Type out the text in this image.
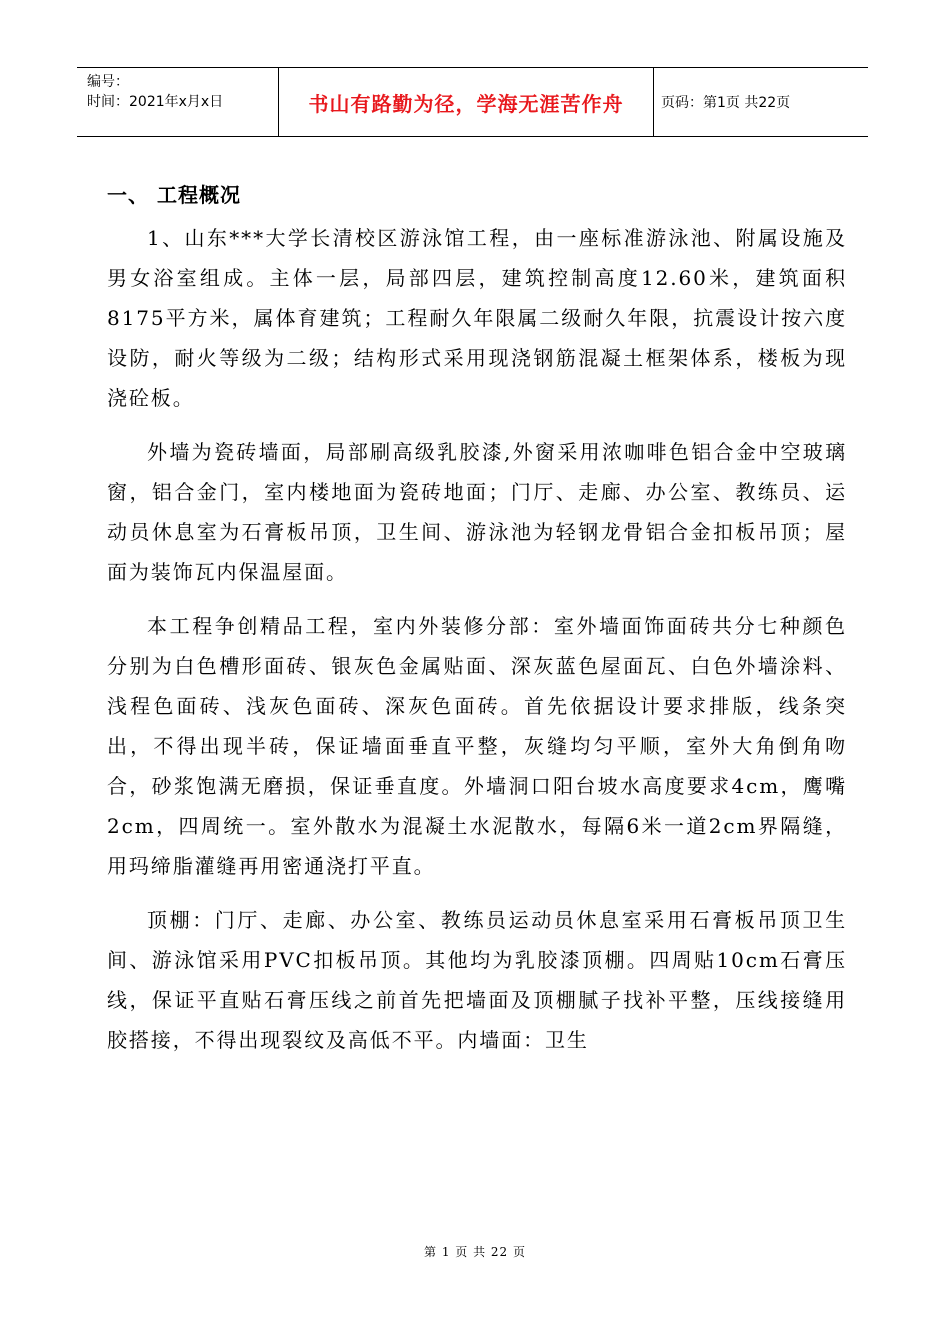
编号：
时间：2021年x月x日	书山有路勤为径，学海无涯苦作舟	页码：第1页 共22页
一、 工程概况

1、山东***大学长清校区游泳馆工程，由一座标准游泳池、附属设施及男女浴室组成。主体一层，局部四层，建筑控制高度12.60米，建筑面积8175平方米，属体育建筑；工程耐久年限属二级耐久年限，抗震设计按六度设防，耐火等级为二级；结构形式采用现浇钢筋混凝土框架体系，楼板为现浇砼板。

外墙为瓷砖墙面，局部刷高级乳胶漆,外窗采用浓咖啡色铝合金中空玻璃窗，铝合金门，室内楼地面为瓷砖地面；门厅、走廊、办公室、教练员、运动员休息室为石膏板吊顶，卫生间、游泳池为轻钢龙骨铝合金扣板吊顶；屋面为装饰瓦内保温屋面。

本工程争创精品工程，室内外装修分部：室外墙面饰面砖共分七种颜色分别为白色槽形面砖、银灰色金属贴面、深灰蓝色屋面瓦、白色外墙涂料、浅程色面砖、浅灰色面砖、深灰色面砖。首先依据设计要求排版，线条突出，不得出现半砖，保证墙面垂直平整，灰缝均匀平顺，室外大角倒角吻合，砂浆饱满无磨损，保证垂直度。外墙洞口阳台坡水高度要求4cm，鹰嘴2cm，四周统一。室外散水为混凝土水泥散水，每隔6米一道2cm界隔缝，用玛缔脂灌缝再用密通浇打平直。

顶棚：门厅、走廊、办公室、教练员运动员休息室采用石膏板吊顶卫生间、游泳馆采用PVC扣板吊顶。其他均为乳胶漆顶棚。四周贴10cm石膏压线，保证平直贴石膏压线之前首先把墙面及顶棚腻子找补平整，压线接缝用胶搭接，不得出现裂纹及高低不平。内墙面：卫生

第 1 页 共 22 页
